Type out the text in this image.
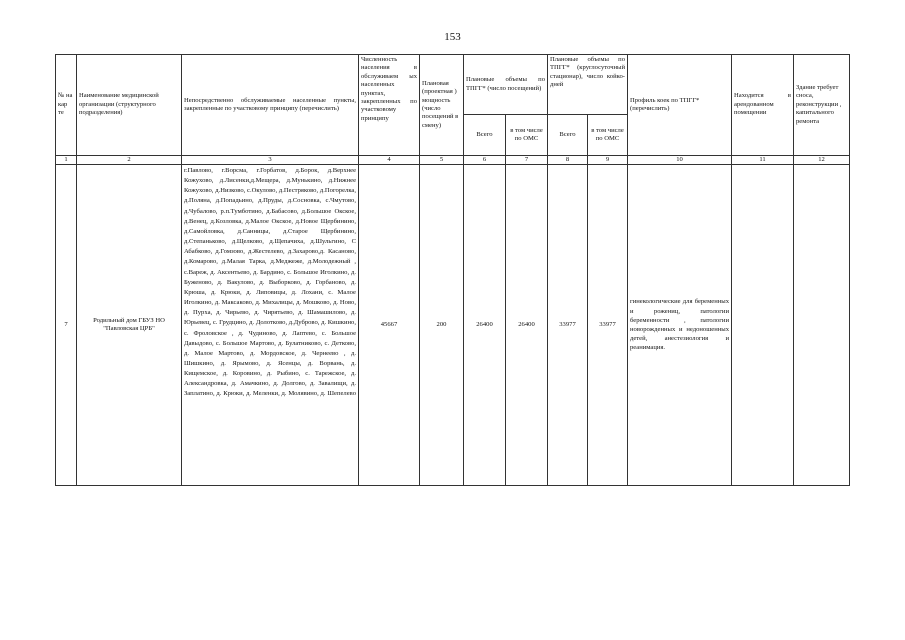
153
№ на кар те	Наименование медицинской организации (структурного подразделения)	Непосредственно обслуживаемые населенные пункты, закрепленные по участковому принципу (перечислить)	Численность населения в обслуживаем ых населенных пунктах, закрепленных по участковому принципу	Плановая (проектная ) мощность (число посещений в смену)	Плановые объемы по ТПГГ* (число посещений)		Плановые объемы по ТПГГ* (круглосуточный стационар), число койко-дней		Профиль коек по ТПГГ* (перечислить)	Находится в арендованном помещении	Здание требует сноса, реконструкции , капитального ремонта
					Всего	в том числе по ОМС	Всего	в том числе по ОМС			
1	2	3	4	5	6	7	8	9	10	11	12
7	Родильный дом ГБУЗ НО "Павловская ЦРБ"	г.Павлово, г.Ворсма, г.Горбатов, д.Борок, д.Верхнее Кожухово, д.Лисенки,д.Мещера, д.Мунькино, д.Нижнее Кожухово, д.Низково, с.Окулово, д.Пестряково, д.Погорелка, д.Поляна, д.Попадьино, д.Пруды, д.Сосновка, с.Чмутово, д.Чубалово, р.п.Тумботино, д.Бабасово, д.Большое Окское, д.Венец, д.Козловка, д.Малое Окское, д.Новое Щербинино, д.Самойловка, д.Санницы, д.Старое Щербинино, д.Степаньково, д.Щелково, д.Щепачиха, д.Шульгино, С Абабково, д.Гомзово, д.Жестелево, д.Захарово,д. Касаново, д.Комарово, д.Малая Тарка, д.Меджеже, д.Молодежный , с.Вареж, д. Аксентьево, д. Бардино, с. Большое Иголкино, д. Буженово, д. Вакулово, д. Выборково, д. Горбаново, д. Крюша, д. Крюки, д. Липовицы, д. Лохани, с. Малое Иголкино, д. Максаково, д. Михалицы, д. Мошково, д. Ново, д. Пурха, д. Чирьево, д. Чирятьево, д. Шамашилово, д. Юрьевец, с. Грудцино, д. Долотково, д.Дуброво, д. Кишкино, с. Фроловское , д. Чудиново, д. Лаптево, с. Большое Давыдово, с. Большое Мартово, д. Булатниково, с. Детково, д. Малое Мартово, д. Мордовское, д. Чернеево , д. Шишкино, д. Ярымово, д. Ясенцы, д. Ворвань, д. Кищемское, д. Коровино, д. Рыбино, с. Тарежское, д. Александровка, д. Амачкино, д. Долгово, д. Завалищи, д. Заплатино, д. Крюки, д. Меленки, д. Молявино, д. Шепелево	45667	200	26400	26400	33977	33977	гинекологические для беременных и рожениц, патологии беременности , патологии новорожденных и недоношенных детей, анестезиология и реанимация.		
